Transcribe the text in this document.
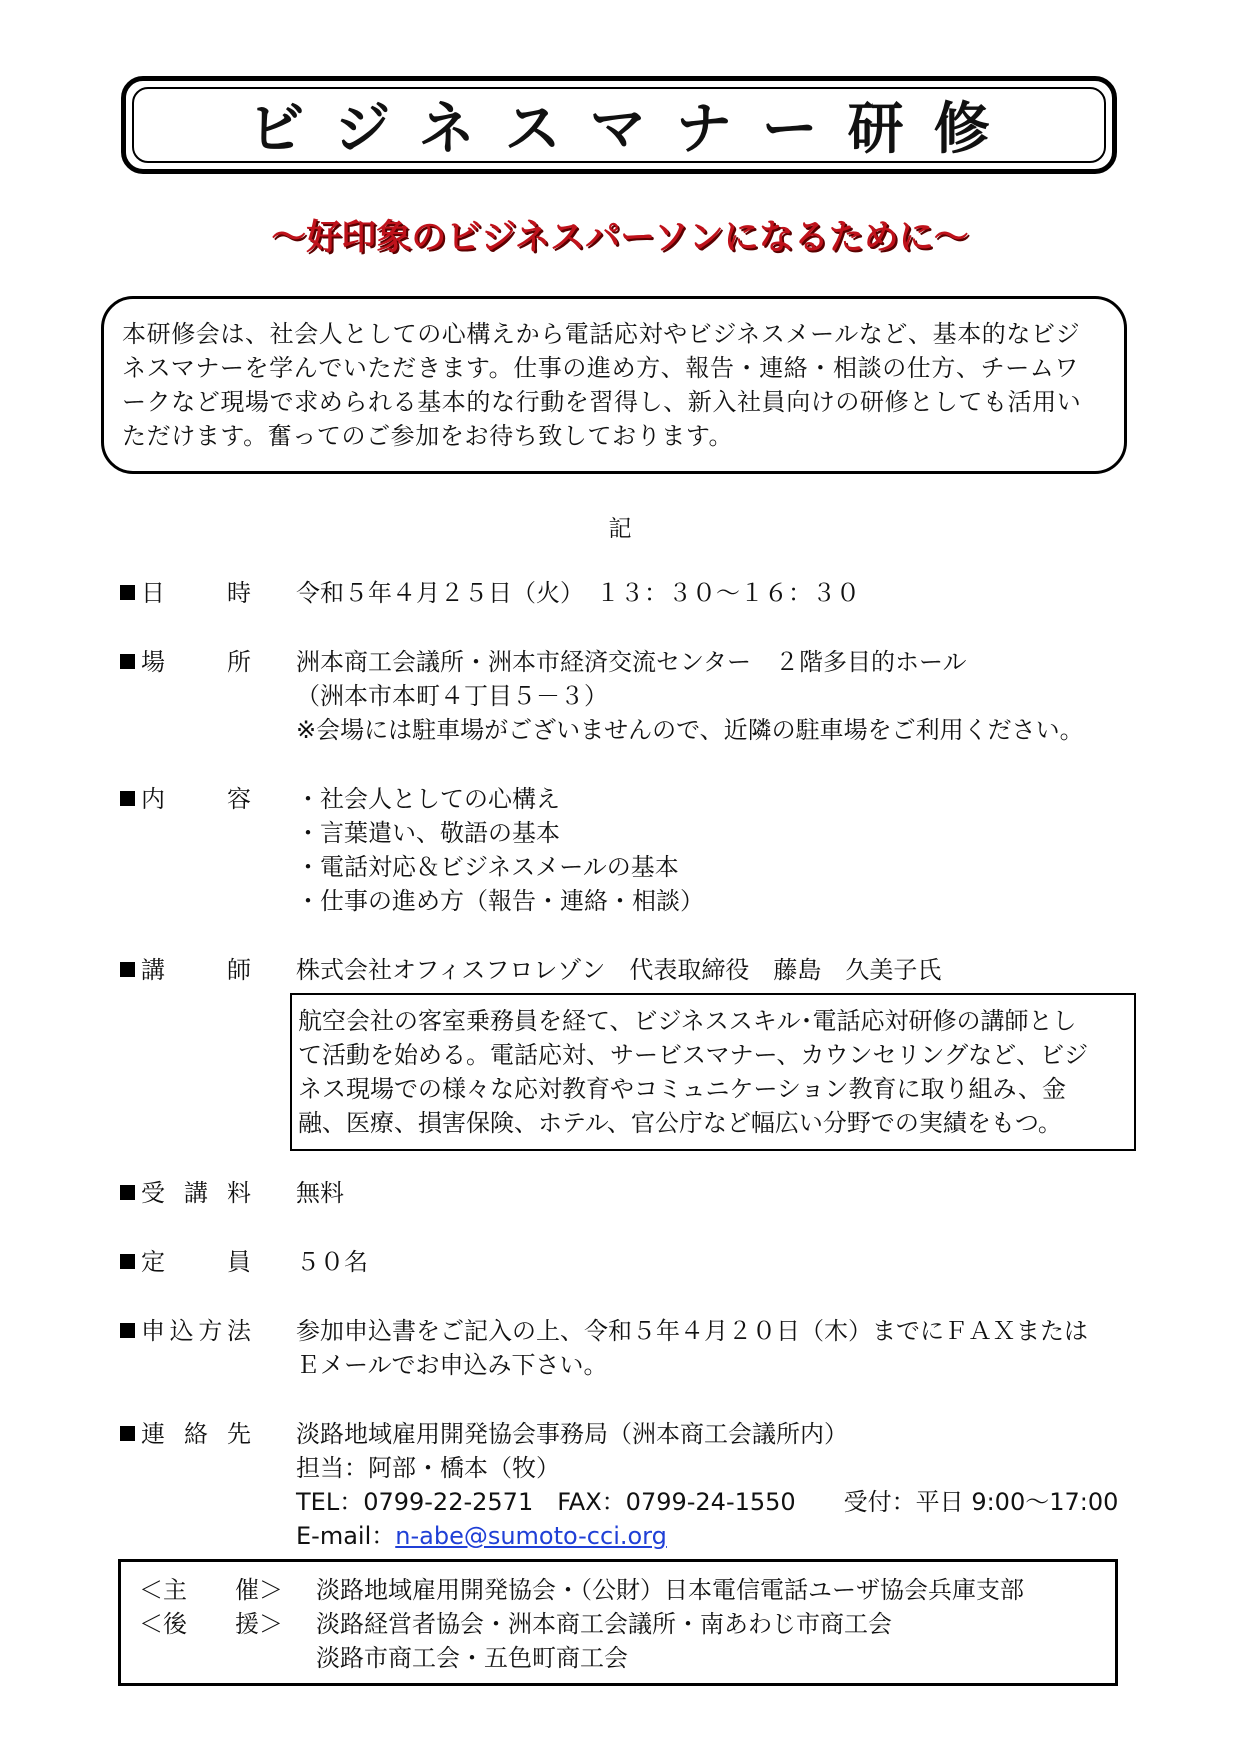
ビジネスマナー研修
～好印象のビジネスパーソンになるために～
本研修会は、社会人としての心構えから電話応対やビジネスメールなど、基本的なビジ
ネスマナーを学んでいただきます。仕事の進め方、報告・連絡・相談の仕方、チームワ
ークなど現場で求められる基本的な行動を習得し、新入社員向けの研修としても活用い
ただけます。奮ってのご参加をお待ち致しております。
記
日時 令和５年４月２５日（火）　１３：３０～１６：３０
場所 洲本商工会議所・洲本市経済交流センター　２階多目的ホール
（洲本市本町４丁目５－３）
※会場には駐車場がございませんので、近隣の駐車場をご利用ください。
内容 ・社会人としての心構え
・言葉遣い、敬語の基本
・電話対応＆ビジネスメールの基本
・仕事の進め方（報告・連絡・相談）
講師 株式会社オフィスフロレゾン　代表取締役　藤島　久美子氏
航空会社の客室乗務員を経て、ビジネススキル･電話応対研修の講師とし
て活動を始める。電話応対、サービスマナー、カウンセリングなど、ビジ
ネス現場での様々な応対教育やコミュニケーション教育に取り組み、金
融、医療、損害保険、ホテル、官公庁など幅広い分野での実績をもつ。
受講料 無料
定員 ５０名
申込方法 参加申込書をご記入の上、令和５年４月２０日（木）までにＦＡＸまたは
Ｅメールでお申込み下さい。
連絡先 淡路地域雇用開発協会事務局（洲本商工会議所内）
担当：阿部・橋本（牧）
TEL：0799-22-2571　FAX：0799-24-1550　　受付：平日 9:00～17:00
E-mail：n-abe@sumoto-cci.org
＜主　　催＞ 淡路地域雇用開発協会・（公財）日本電信電話ユーザ協会兵庫支部
＜後　　援＞ 淡路経営者協会・洲本商工会議所・南あわじ市商工会
淡路市商工会・五色町商工会
